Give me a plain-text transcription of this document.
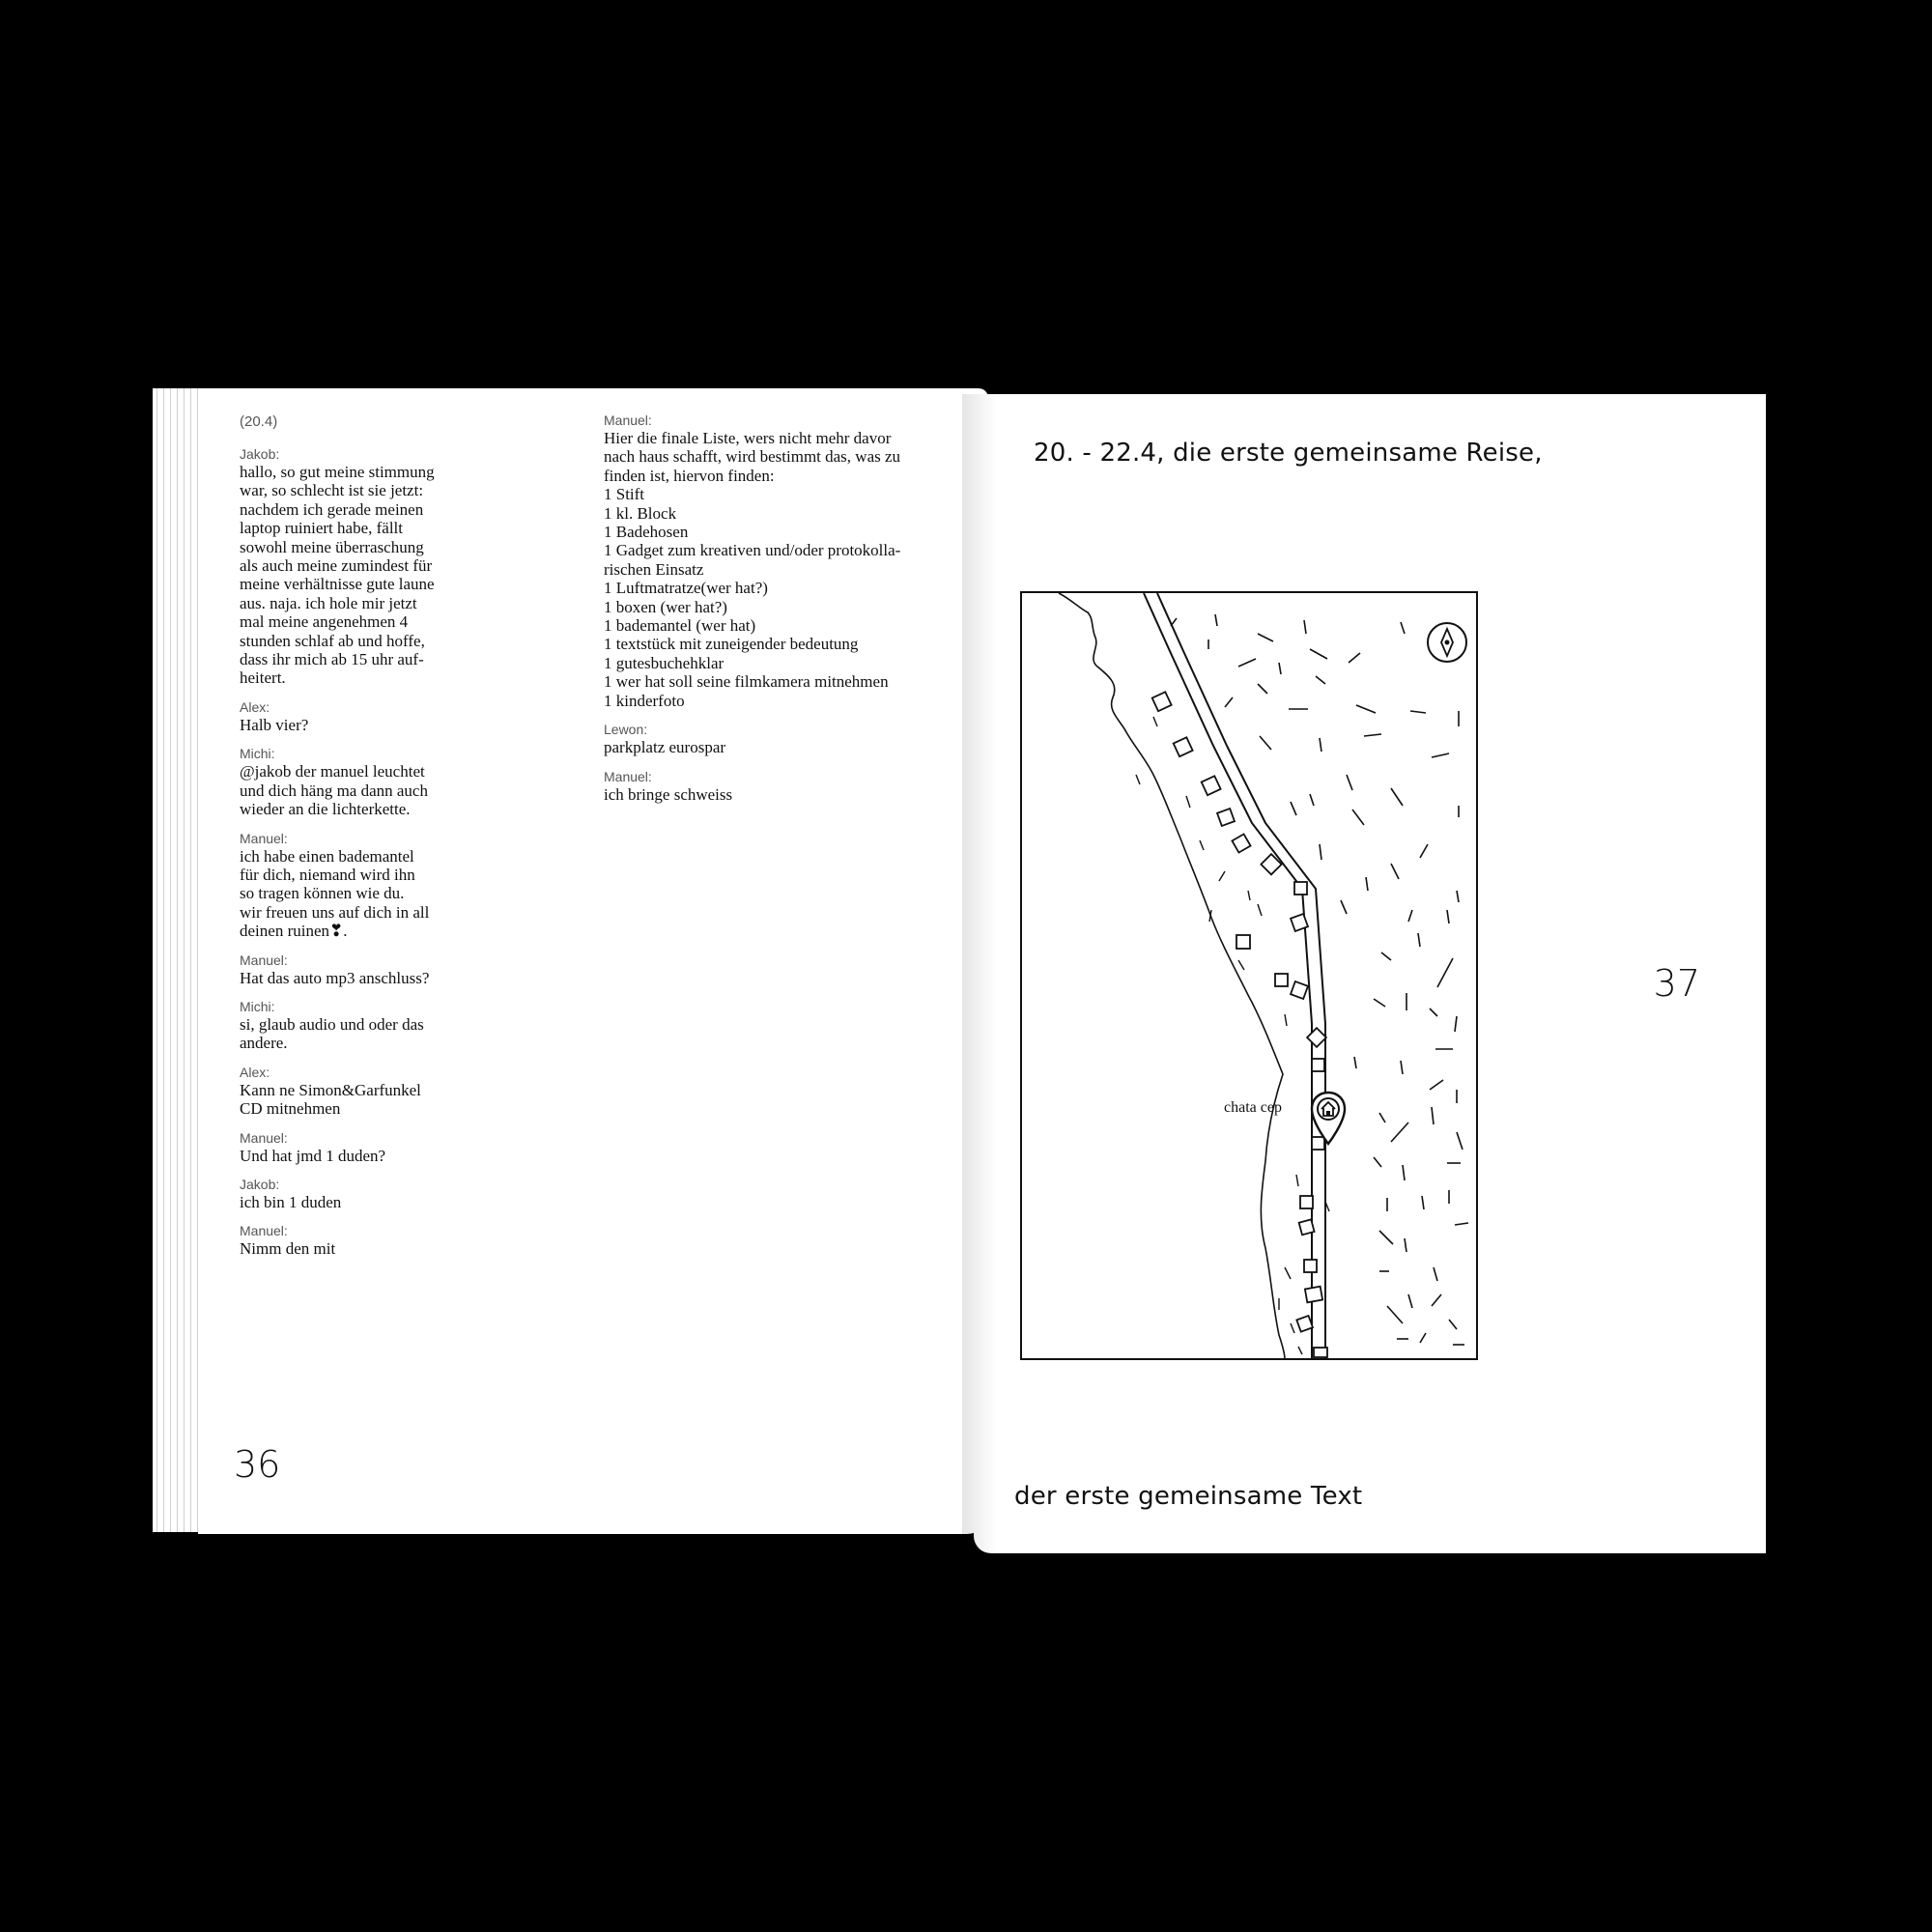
(20.4)
Jakob:
hallo, so gut meine stimmung
war, so schlecht ist sie jetzt:
nachdem ich gerade meinen
laptop ruiniert habe, fällt
sowohl meine überraschung
als auch meine zumindest für
meine verhältnisse gute laune
aus. naja. ich hole mir jetzt
mal meine angenehmen 4
stunden schlaf ab und hoffe,
dass ihr mich ab 15 uhr auf-
heitert.
Alex:
Halb vier?
Michi:
@jakob der manuel leuchtet
und dich häng ma dann auch
wieder an die lichterkette.
Manuel:
ich habe einen bademantel
für dich, niemand wird ihn
so tragen können wie du.
wir freuen uns auf dich in all
deinen ruinen❣.
Manuel:
Hat das auto mp3 anschluss?
Michi:
si, glaub audio und oder das
andere.
Alex:
Kann ne Simon&Garfunkel
CD mitnehmen
Manuel:
Und hat jmd 1 duden?
Jakob:
ich bin 1 duden
Manuel:
Nimm den mit
Manuel:
Hier die finale Liste, wers nicht mehr davor
nach haus schafft, wird bestimmt das, was zu
finden ist, hiervon finden:
1 Stift
1 kl. Block
1 Badehosen
1 Gadget zum kreativen und/oder protokolla-
rischen Einsatz
1 Luftmatratze(wer hat?)
1 boxen (wer hat?)
1 bademantel (wer hat)
1 textstück mit zuneigender bedeutung
1 gutesbuchehklar
1 wer hat soll seine filmkamera mitnehmen
1 kinderfoto
Lewon:
parkplatz eurospar
Manuel:
ich bringe schweiss
36
20. - 22.4, die erste gemeinsame Reise,
chata cep
37
der erste gemeinsame Text
